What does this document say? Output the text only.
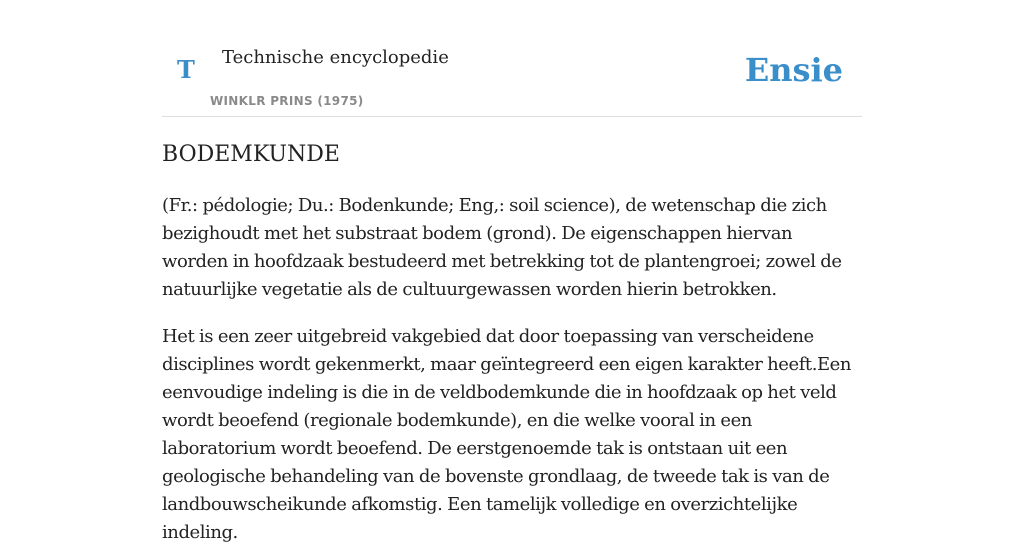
T Technische encyclopedie
WINKLR PRINS (1975)
Ensie
BODEMKUNDE

(Fr.: pédologie; Du.: Bodenkunde; Eng,: soil science), de wetenschap die zich bezighoudt met het substraat bodem (grond). De eigenschappen hiervan worden in hoofdzaak bestudeerd met betrekking tot de plantengroei; zowel de natuurlijke vegetatie als de cultuurgewassen worden hierin betrokken.

Het is een zeer uitgebreid vakgebied dat door toepassing van verscheidene disciplines wordt gekenmerkt, maar geïntegreerd een eigen karakter heeft.Een eenvoudige indeling is die in de veldbodemkunde die in hoofdzaak op het veld wordt beoefend (regionale bodemkunde), en die welke vooral in een laboratorium wordt beoefend. De eerstgenoemde tak is ontstaan uit een geologische behandeling van de bovenste grondlaag, de tweede tak is van de landbouwscheikunde afkomstig. Een tamelijk volledige en overzichtelijke indeling.
